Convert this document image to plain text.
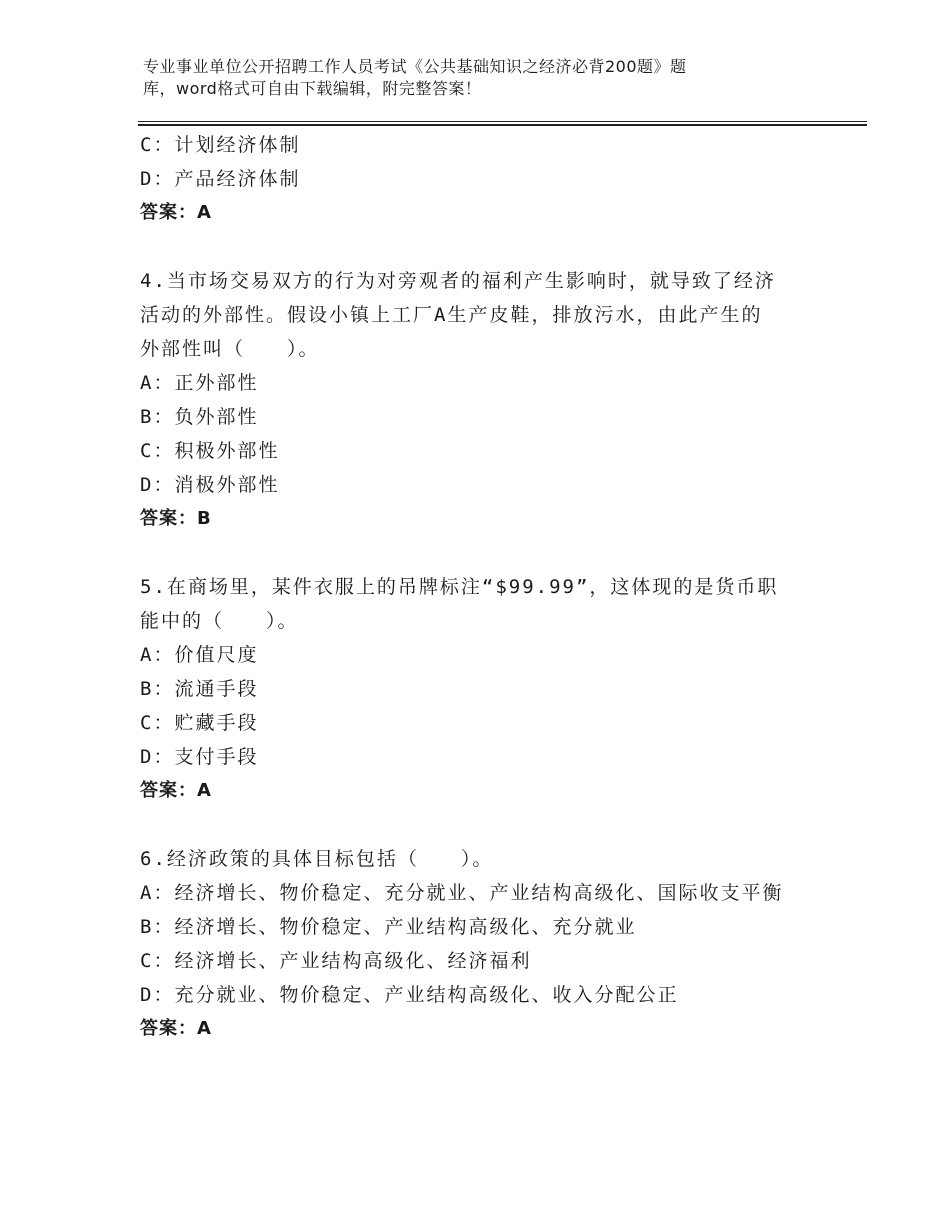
专业事业单位公开招聘工作人员考试《公共基础知识之经济必背200题》题
库，word格式可自由下载编辑，附完整答案！
C：计划经济体制
D：产品经济体制
答案：A
4.当市场交易双方的行为对旁观者的福利产生影响时，就导致了经济
活动的外部性。假设小镇上工厂A生产皮鞋，排放污水，由此产生的
外部性叫（　　）。
A：正外部性
B：负外部性
C：积极外部性
D：消极外部性
答案：B
5.在商场里，某件衣服上的吊牌标注“$99.99”，这体现的是货币职
能中的（　　）。
A：价值尺度
B：流通手段
C：贮藏手段
D：支付手段
答案：A
6.经济政策的具体目标包括（　　）。
A：经济增长、物价稳定、充分就业、产业结构高级化、国际收支平衡
B：经济增长、物价稳定、产业结构高级化、充分就业
C：经济增长、产业结构高级化、经济福利
D：充分就业、物价稳定、产业结构高级化、收入分配公正
答案：A
